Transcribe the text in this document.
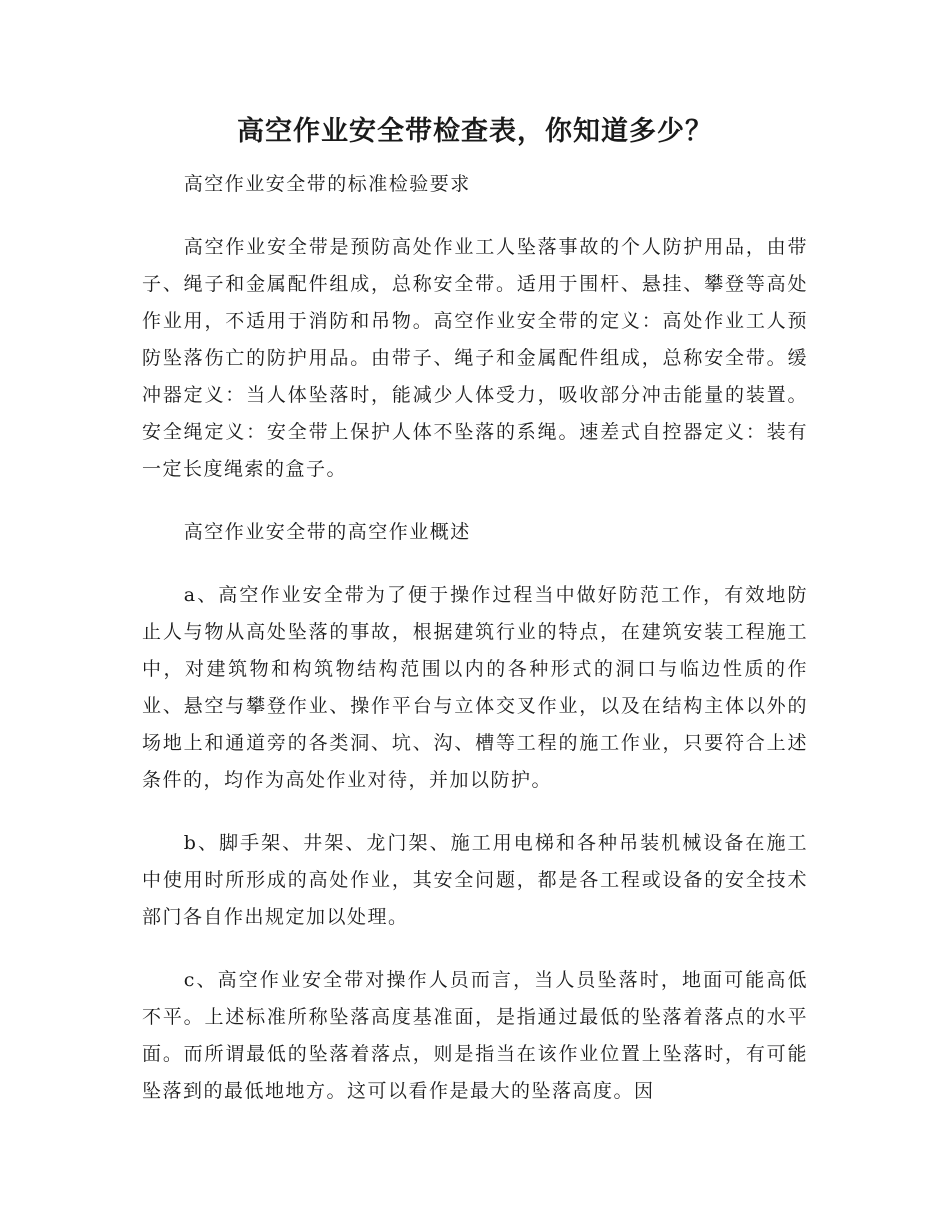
高空作业安全带检查表，你知道多少？

高空作业安全带的标准检验要求

高空作业安全带是预防高处作业工人坠落事故的个人防护用品，由带子、绳子和金属配件组成，总称安全带。适用于围杆、悬挂、攀登等高处作业用，不适用于消防和吊物。高空作业安全带的定义：高处作业工人预防坠落伤亡的防护用品。由带子、绳子和金属配件组成，总称安全带。缓冲器定义：当人体坠落时，能减少人体受力，吸收部分冲击能量的装置。安全绳定义：安全带上保护人体不坠落的系绳。速差式自控器定义：装有一定长度绳索的盒子。

高空作业安全带的高空作业概述

a、高空作业安全带为了便于操作过程当中做好防范工作，有效地防止人与物从高处坠落的事故，根据建筑行业的特点，在建筑安装工程施工中，对建筑物和构筑物结构范围以内的各种形式的洞口与临边性质的作业、悬空与攀登作业、操作平台与立体交叉作业，以及在结构主体以外的场地上和通道旁的各类洞、坑、沟、槽等工程的施工作业，只要符合上述条件的，均作为高处作业对待，并加以防护。

b、脚手架、井架、龙门架、施工用电梯和各种吊装机械设备在施工中使用时所形成的高处作业，其安全问题，都是各工程或设备的安全技术部门各自作出规定加以处理。

c、高空作业安全带对操作人员而言，当人员坠落时，地面可能高低不平。上述标准所称坠落高度基准面，是指通过最低的坠落着落点的水平面。而所谓最低的坠落着落点，则是指当在该作业位置上坠落时，有可能坠落到的最低地地方。这可以看作是最大的坠落高度。因
